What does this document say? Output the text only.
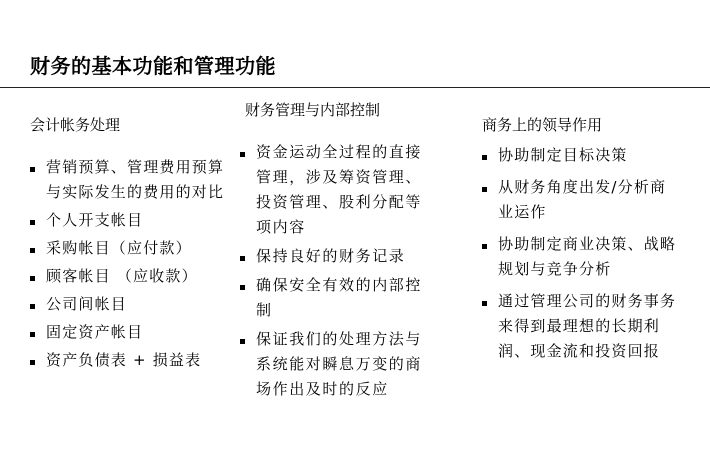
财务的基本功能和管理功能
会计帐务处理
营销预算、管理费用预算与实际发生的费用的对比
个人开支帐目
采购帐目（应付款）
顾客帐目 （应收款）
公司间帐目
固定资产帐目
资产负债表 + 损益表
财务管理与内部控制
资金运动全过程的直接管理，涉及筹资管理、投资管理、股利分配等项内容
保持良好的财务记录
确保安全有效的内部控制
保证我们的处理方法与系统能对瞬息万变的商场作出及时的反应
商务上的领导作用
协助制定目标决策
从财务角度出发/分析商业运作
协助制定商业决策、战略规划与竞争分析
通过管理公司的财务事务来得到最理想的长期利润、现金流和投资回报
